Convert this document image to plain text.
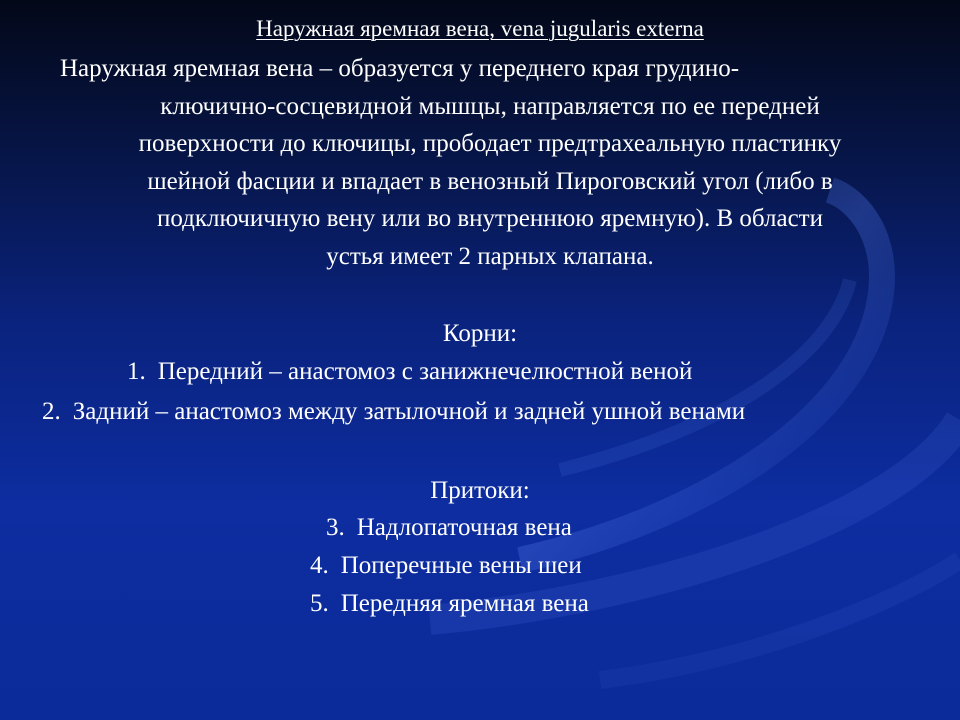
Наружная яремная вена, vena jugularis externa
Наружная яремная вена – образуется у переднего края грудино-
ключично-сосцевидной мышцы, направляется по ее передней
поверхности до ключицы, прободает предтрахеальную пластинку
шейной фасции и впадает в венозный Пироговский угол (либо в
подключичную вену или во внутреннюю яремную). В области
устья имеет 2 парных клапана.
Корни:
1. Передний – анастомоз с занижнечелюстной веной
2. Задний – анастомоз между затылочной и задней ушной венами
Притоки:
3. Надлопаточная вена
4. Поперечные вены шеи
5. Передняя яремная вена
